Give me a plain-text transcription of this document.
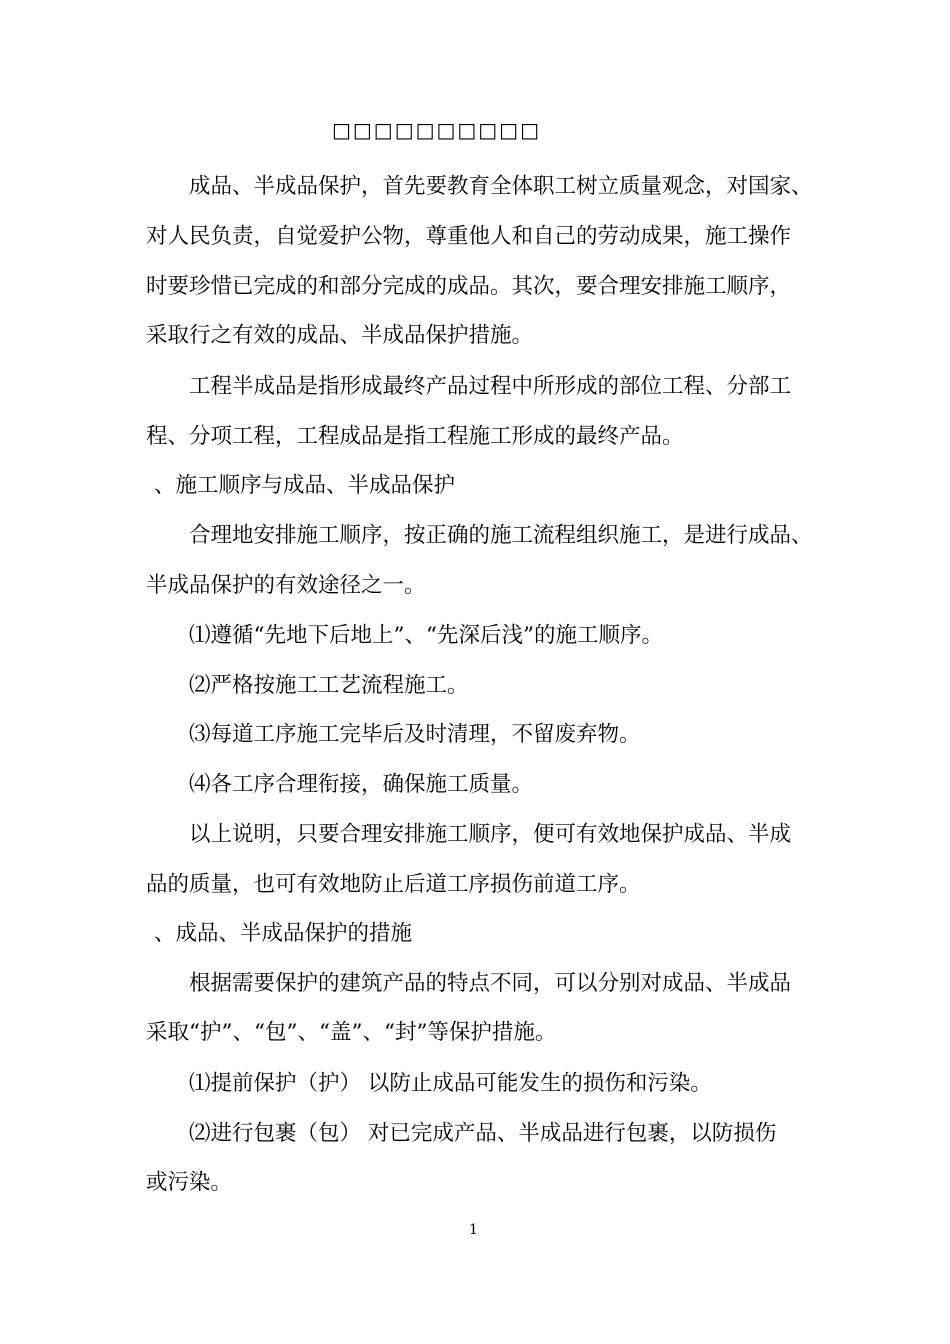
□□□□□□□□□□
成品、半成品保护，首先要教育全体职工树立质量观念，对国家、
对人民负责，自觉爱护公物，尊重他人和自己的劳动成果，施工操作
时要珍惜已完成的和部分完成的成品。其次，要合理安排施工顺序，
采取行之有效的成品、半成品保护措施。
工程半成品是指形成最终产品过程中所形成的部位工程、分部工
程、分项工程，工程成品是指工程施工形成的最终产品。
、施工顺序与成品、半成品保护
合理地安排施工顺序，按正确的施工流程组织施工，是进行成品、
半成品保护的有效途径之一。
⑴遵循“先地下后地上”、“先深后浅”的施工顺序。
⑵严格按施工工艺流程施工。
⑶每道工序施工完毕后及时清理，不留废弃物。
⑷各工序合理衔接，确保施工质量。
以上说明，只要合理安排施工顺序，便可有效地保护成品、半成
品的质量，也可有效地防止后道工序损伤前道工序。
、成品、半成品保护的措施
根据需要保护的建筑产品的特点不同，可以分别对成品、半成品
采取“护”、“包”、“盖”、“封”等保护措施。
⑴提前保护（护） 以防止成品可能发生的损伤和污染。
⑵进行包裹（包） 对已完成产品、半成品进行包裹，以防损伤
或污染。
1
